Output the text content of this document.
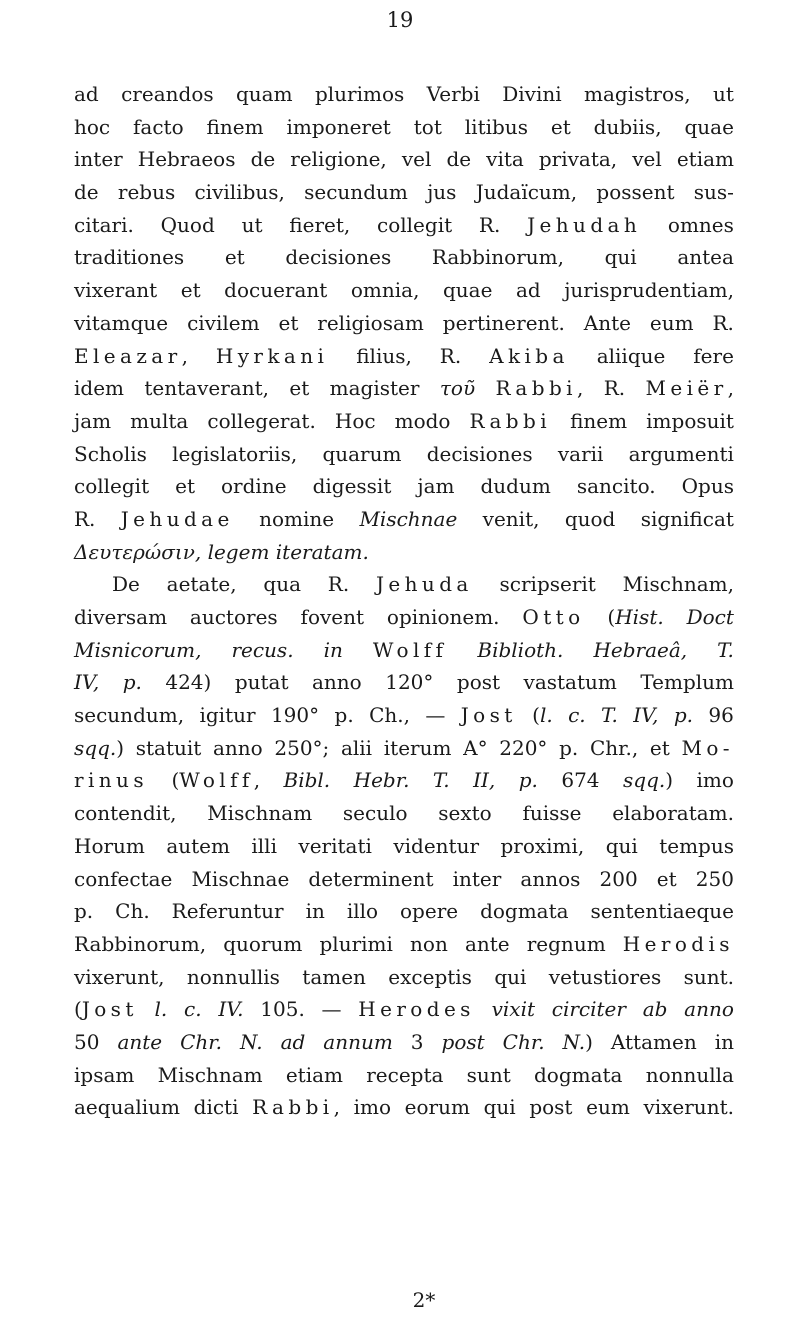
19
ad creandos quam plurimos Verbi Divini magistros, ut
hoc facto finem imponeret tot litibus et dubiis, quae
inter Hebraeos de religione, vel de vita privata, vel etiam
de rebus civilibus, secundum jus Judaïcum, possent sus-
citari. Quod ut fieret, collegit R. Jehudah omnes
traditiones et decisiones Rabbinorum, qui antea
vixerant et docuerant omnia, quae ad jurisprudentiam,
vitamque civilem et religiosam pertinerent. Ante eum R.
Eleazar, Hyrkani filius, R. Akiba aliique fere
idem tentaverant, et magister τοῦ Rabbi, R. Meiër,
jam multa collegerat. Hoc modo Rabbi finem imposuit
Scholis legislatoriis, quarum decisiones varii argumenti
collegit et ordine digessit jam dudum sancito. Opus
R. Jehudae nomine Mischnae venit, quod significat
Δευτερώσιν,
legem
iteratam.

De aetate, qua R. Jehuda scripserit Mischnam,
diversam auctores fovent opinionem. Otto (Hist. Doct
Misnicorum, recus. in Wolff Biblioth. Hebraeâ, T.
IV, p. 424) putat anno 120° post vastatum Templum
secundum, igitur 190° p. Ch., — Jost (l. c. T. IV, p. 96
sqq.) statuit anno 250°; alii iterum A° 220° p. Chr., et Mo-
rinus (Wolff, Bibl. Hebr. T. II, p. 674 sqq.) imo
contendit, Mischnam seculo sexto fuisse elaboratam.
Horum autem illi veritati videntur proximi, qui tempus
confectae Mischnae determinent inter annos 200 et 250
p. Ch. Referuntur in illo opere dogmata sententiaeque
Rabbinorum, quorum plurimi non ante regnum Herodis
vixerunt, nonnullis tamen exceptis qui vetustiores sunt.
(Jost l. c. IV. 105. — Herodes vixit circiter ab anno
50 ante Chr. N. ad annum 3 post Chr. N.) Attamen in
ipsam Mischnam etiam recepta sunt dogmata nonnulla
aequalium dicti Rabbi, imo eorum qui post eum vixerunt.
2*
